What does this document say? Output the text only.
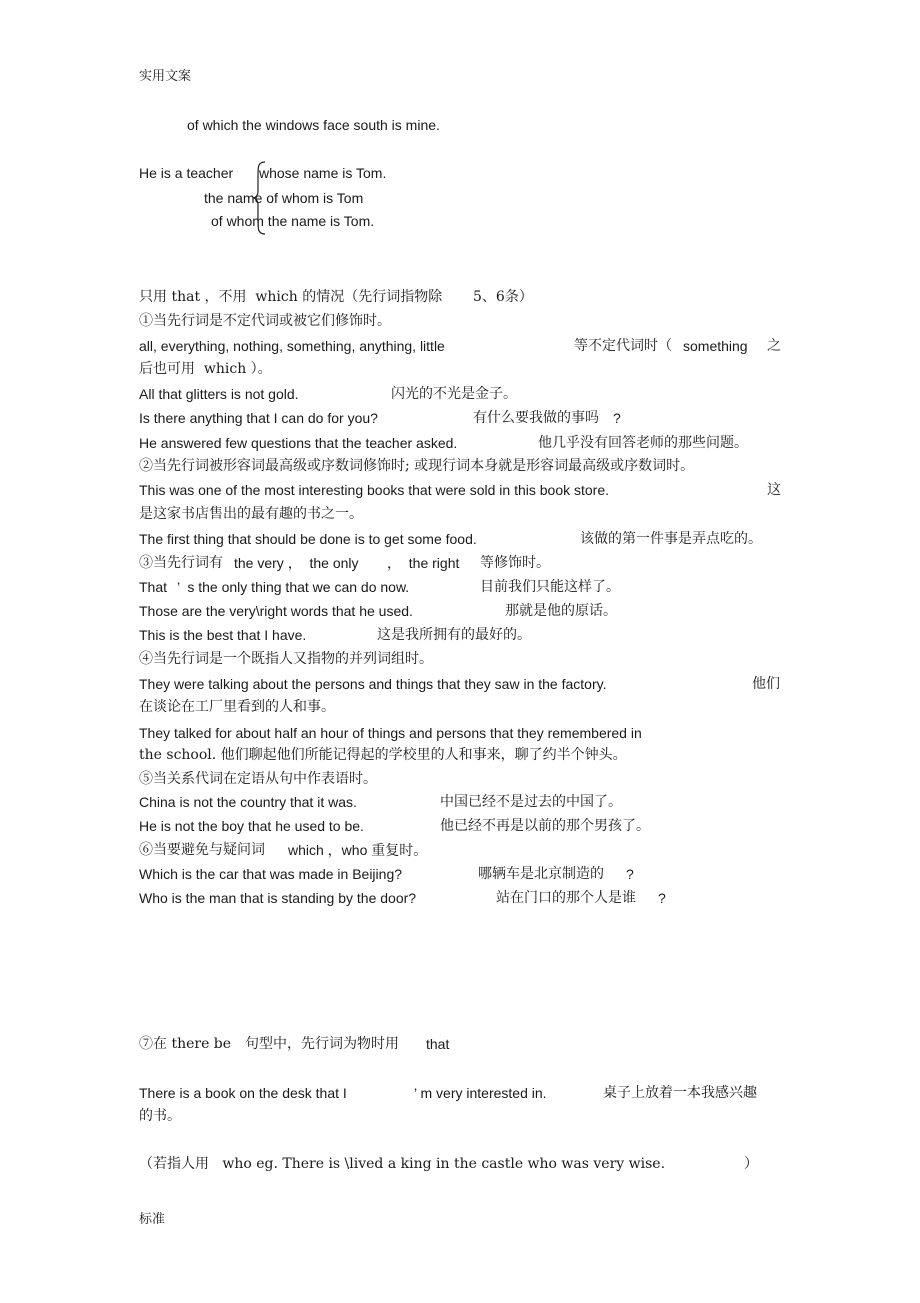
实用文案
of which the windows face south is mine.
He is a teacher whose name is Tom.
the name of whom is Tom
of whom the name is Tom.
只用 that ，不用  which 的情况（先行词指物除 5、6条）
①当先行词是不定代词或被它们修饰时。
all, everything, nothing, something, anything, little	等不定代词时（ something 之
后也可用  which ）。
All that glitters is not gold.	闪光的不光是金子。
Is there anything that I can do for you?	有什么要我做的事吗 ?
He answered few questions that the teacher asked.	他几乎没有回答老师的那些问题。
②当先行词被形容词最高级或序数词修饰时; 或现行词本身就是形容词最高级或序数词时。
This was one of the most interesting books that were sold in this book store.	这
是这家书店售出的最有趣的书之一。
The first thing that should be done is to get some food.	该做的第一件事是弄点吃的。
③当先行词有 the very ，  the only ，  the right 等修饰时。
That ’  s the only thing that we can do now.	目前我们只能这样了。
Those are the very\right words that he used.	那就是他的原话。
This is the best that I have.	这是我所拥有的最好的。
④当先行词是一个既指人又指物的并列词组时。
They were talking about the persons and things that they saw in the factory.	他们
在谈论在工厂里看到的人和事。
They talked for about half an hour of things and persons that they remembered in
the school. 他们聊起他们所能记得起的学校里的人和事来，聊了约半个钟头。
⑤当关系代词在定语从句中作表语时。
China is not the country that it was.	中国已经不是过去的中国了。
He is not the boy that he used to be.	他已经不再是以前的那个男孩了。
⑥当要避免与疑问词 which ，who 重复时。
Which is the car that was made in Beijing?	哪辆车是北京制造的 ?
Who is the man that is standing by the door?	站在门口的那个人是谁 ?
⑦在 there be 句型中，先行词为物时用 that
There is a book on the desk that I	’ m very interested in.	桌子上放着一本我感兴趣
的书。
（若指人用   who eg. There is \lived a king in the castle who was very wise.	）
标准
